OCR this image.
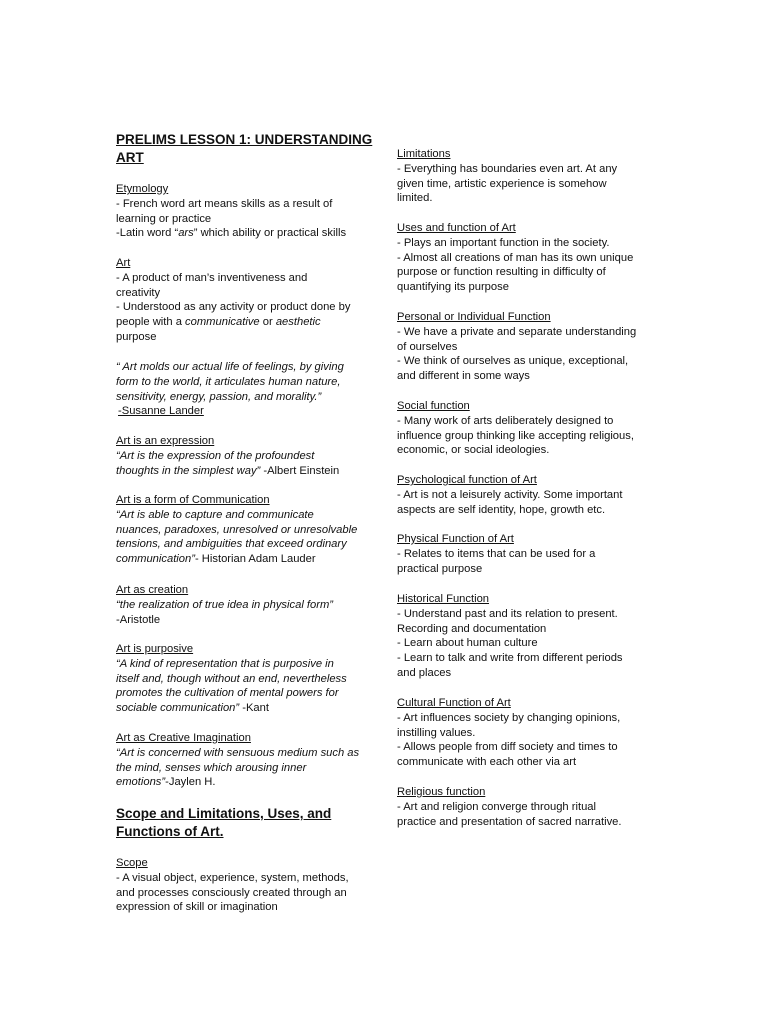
PRELIMS LESSON 1: UNDERSTANDING
ART
Etymology
- French word art means skills as a result of
learning or practice
-Latin word “ars” which ability or practical skills
Art
- A product of man’s inventiveness and
creativity
- Understood as any activity or product done by
people with a communicative or aesthetic
purpose
“ Art molds our actual life of feelings, by giving
form to the world, it articulates human nature,
sensitivity, energy, passion, and morality.”
-Susanne Lander
Art is an expression
“Art is the expression of the profoundest
thoughts in the simplest way” -Albert Einstein
Art is a form of Communication
“Art is able to capture and communicate
nuances, paradoxes, unresolved or unresolvable
tensions, and ambiguities that exceed ordinary
communication”- Historian Adam Lauder
Art as creation
“the realization of true idea in physical form”
-Aristotle
Art is purposive
“A kind of representation that is purposive in
itself and, though without an end, nevertheless
promotes the cultivation of mental powers for
sociable communication” -Kant
Art as Creative Imagination
“Art is concerned with sensuous medium such as
the mind, senses which arousing inner
emotions”-Jaylen H.
Scope and Limitations, Uses, and
Functions of Art.
Scope
- A visual object, experience, system, methods,
and processes consciously created through an
expression of skill or imagination
Limitations
- Everything has boundaries even art. At any
given time, artistic experience is somehow
limited.
Uses and function of Art
- Plays an important function in the society.
- Almost all creations of man has its own unique
purpose or function resulting in difficulty of
quantifying its purpose
Personal or Individual Function
- We have a private and separate understanding
of ourselves
- We think of ourselves as unique, exceptional,
and different in some ways
Social function
- Many work of arts deliberately designed to
influence group thinking like accepting religious,
economic, or social ideologies.
Psychological function of Art
- Art is not a leisurely activity. Some important
aspects are self identity, hope, growth etc.
Physical Function of Art
- Relates to items that can be used for a
practical purpose
Historical Function
- Understand past and its relation to present.
Recording and documentation
- Learn about human culture
- Learn to talk and write from different periods
and places
Cultural Function of Art
- Art influences society by changing opinions,
instilling values.
- Allows people from diff society and times to
communicate with each other via art
Religious function
- Art and religion converge through ritual
practice and presentation of sacred narrative.
